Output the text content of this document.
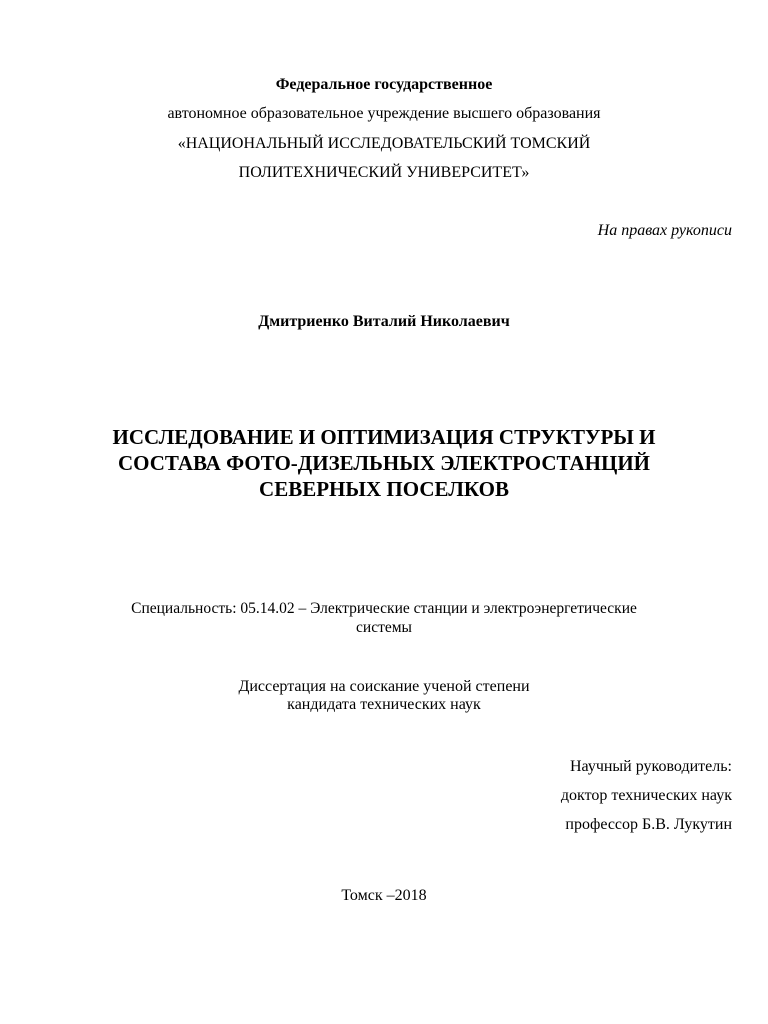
Федеральное государственное
автономное образовательное учреждение высшего образования
«НАЦИОНАЛЬНЫЙ ИССЛЕДОВАТЕЛЬСКИЙ ТОМСКИЙ
ПОЛИТЕХНИЧЕСКИЙ УНИВЕРСИТЕТ»
На правах рукописи
Дмитриенко Виталий Николаевич
ИССЛЕДОВАНИЕ И ОПТИМИЗАЦИЯ СТРУКТУРЫ И
СОСТАВА ФОТО-ДИЗЕЛЬНЫХ ЭЛЕКТРОСТАНЦИЙ
СЕВЕРНЫХ ПОСЕЛКОВ
Специальность: 05.14.02 – Электрические станции и электроэнергетические
системы
Диссертация на соискание ученой степени
кандидата технических наук
Научный руководитель:
доктор технических наук
профессор Б.В. Лукутин
Томск –2018
